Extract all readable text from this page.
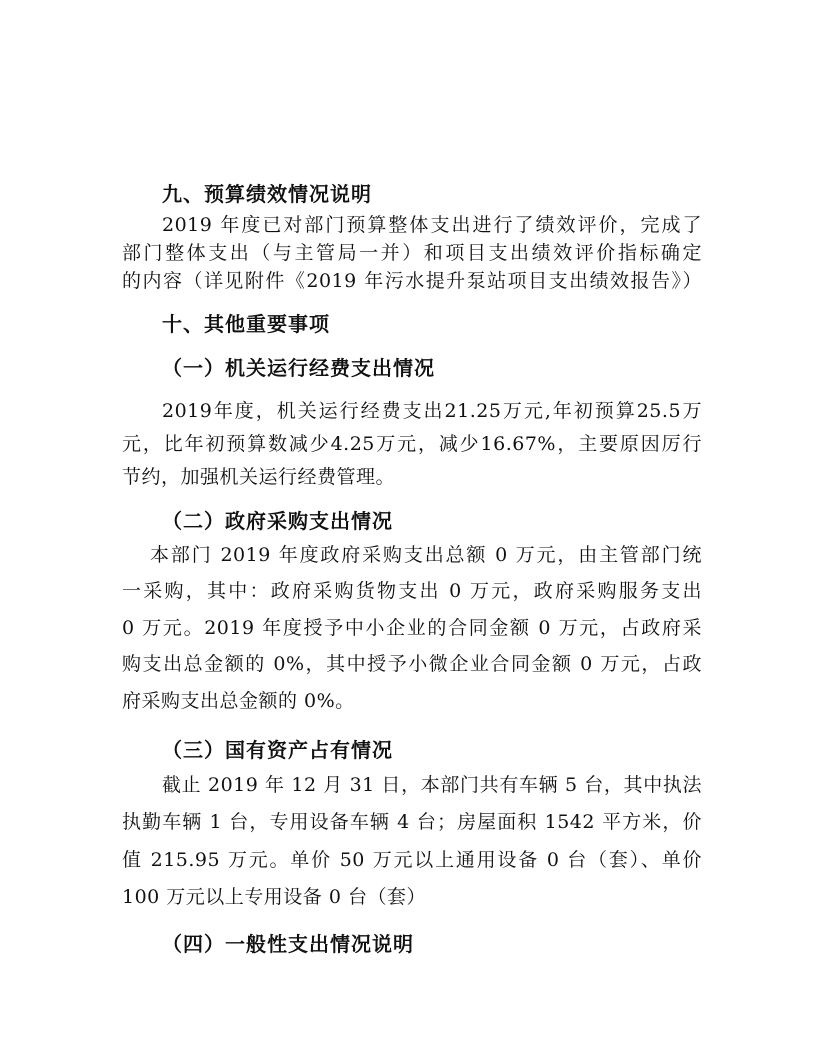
九、预算绩效情况说明
2019 年度已对部门预算整体支出进行了绩效评价，完成了
部门整体支出（与主管局一并）和项目支出绩效评价指标确定
的内容（详见附件《2019 年污水提升泵站项目支出绩效报告》）
十、其他重要事项
（一）机关运行经费支出情况
2019年度，机关运行经费支出21.25万元,年初预算25.5万
元，比年初预算数减少4.25万元，减少16.67%，主要原因厉行
节约，加强机关运行经费管理。
（二）政府采购支出情况
本部门 2019 年度政府采购支出总额 0 万元，由主管部门统
一采购，其中：政府采购货物支出 0 万元，政府采购服务支出
0 万元。2019 年度授予中小企业的合同金额 0 万元，占政府采
购支出总金额的 0%，其中授予小微企业合同金额 0 万元，占政
府采购支出总金额的 0%。
（三）国有资产占有情况
截止 2019 年 12 月 31 日，本部门共有车辆 5 台，其中执法
执勤车辆 1 台，专用设备车辆 4 台；房屋面积 1542 平方米，价
值 215.95 万元。单价 50 万元以上通用设备 0 台（套）、单价
100 万元以上专用设备 0 台（套）
（四）一般性支出情况说明
